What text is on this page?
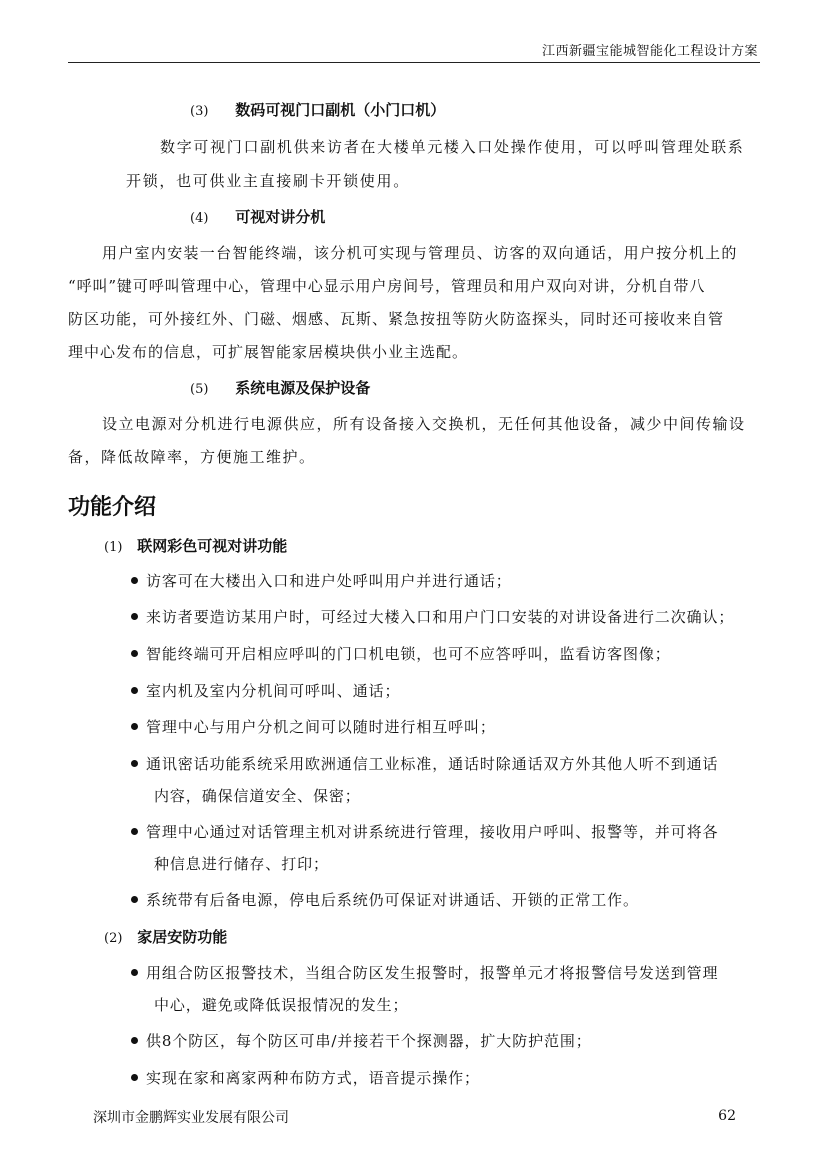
江西新疆宝能城智能化工程设计方案
(3) 数码可视门口副机（小门口机）
数字可视门口副机供来访者在大楼单元楼入口处操作使用，可以呼叫管理处联系
开锁，也可供业主直接刷卡开锁使用。
(4) 可视对讲分机
用户室内安装一台智能终端，该分机可实现与管理员、访客的双向通话，用户按分机上的
“呼叫”键可呼叫管理中心，管理中心显示用户房间号，管理员和用户双向对讲，分机自带八
防区功能，可外接红外、门磁、烟感、瓦斯、紧急按扭等防火防盗探头，同时还可接收来自管
理中心发布的信息，可扩展智能家居模块供小业主选配。
(5) 系统电源及保护设备
设立电源对分机进行电源供应，所有设备接入交换机，无任何其他设备，减少中间传输设
备，降低故障率，方便施工维护。
功能介绍
(1) 联网彩色可视对讲功能
访客可在大楼出入口和进户处呼叫用户并进行通话；
来访者要造访某用户时，可经过大楼入口和用户门口安装的对讲设备进行二次确认；
智能终端可开启相应呼叫的门口机电锁，也可不应答呼叫，监看访客图像；
室内机及室内分机间可呼叫、通话；
管理中心与用户分机之间可以随时进行相互呼叫；
通讯密话功能系统采用欧洲通信工业标准，通话时除通话双方外其他人听不到通话
内容，确保信道安全、保密；
管理中心通过对话管理主机对讲系统进行管理，接收用户呼叫、报警等，并可将各
种信息进行储存、打印；
系统带有后备电源，停电后系统仍可保证对讲通话、开锁的正常工作。
(2) 家居安防功能
用组合防区报警技术，当组合防区发生报警时，报警单元才将报警信号发送到管理
中心，避免或降低误报情况的发生；
供8个防区，每个防区可串/并接若干个探测器，扩大防护范围；
实现在家和离家两种布防方式，语音提示操作；
深圳市金鹏辉实业发展有限公司	62
